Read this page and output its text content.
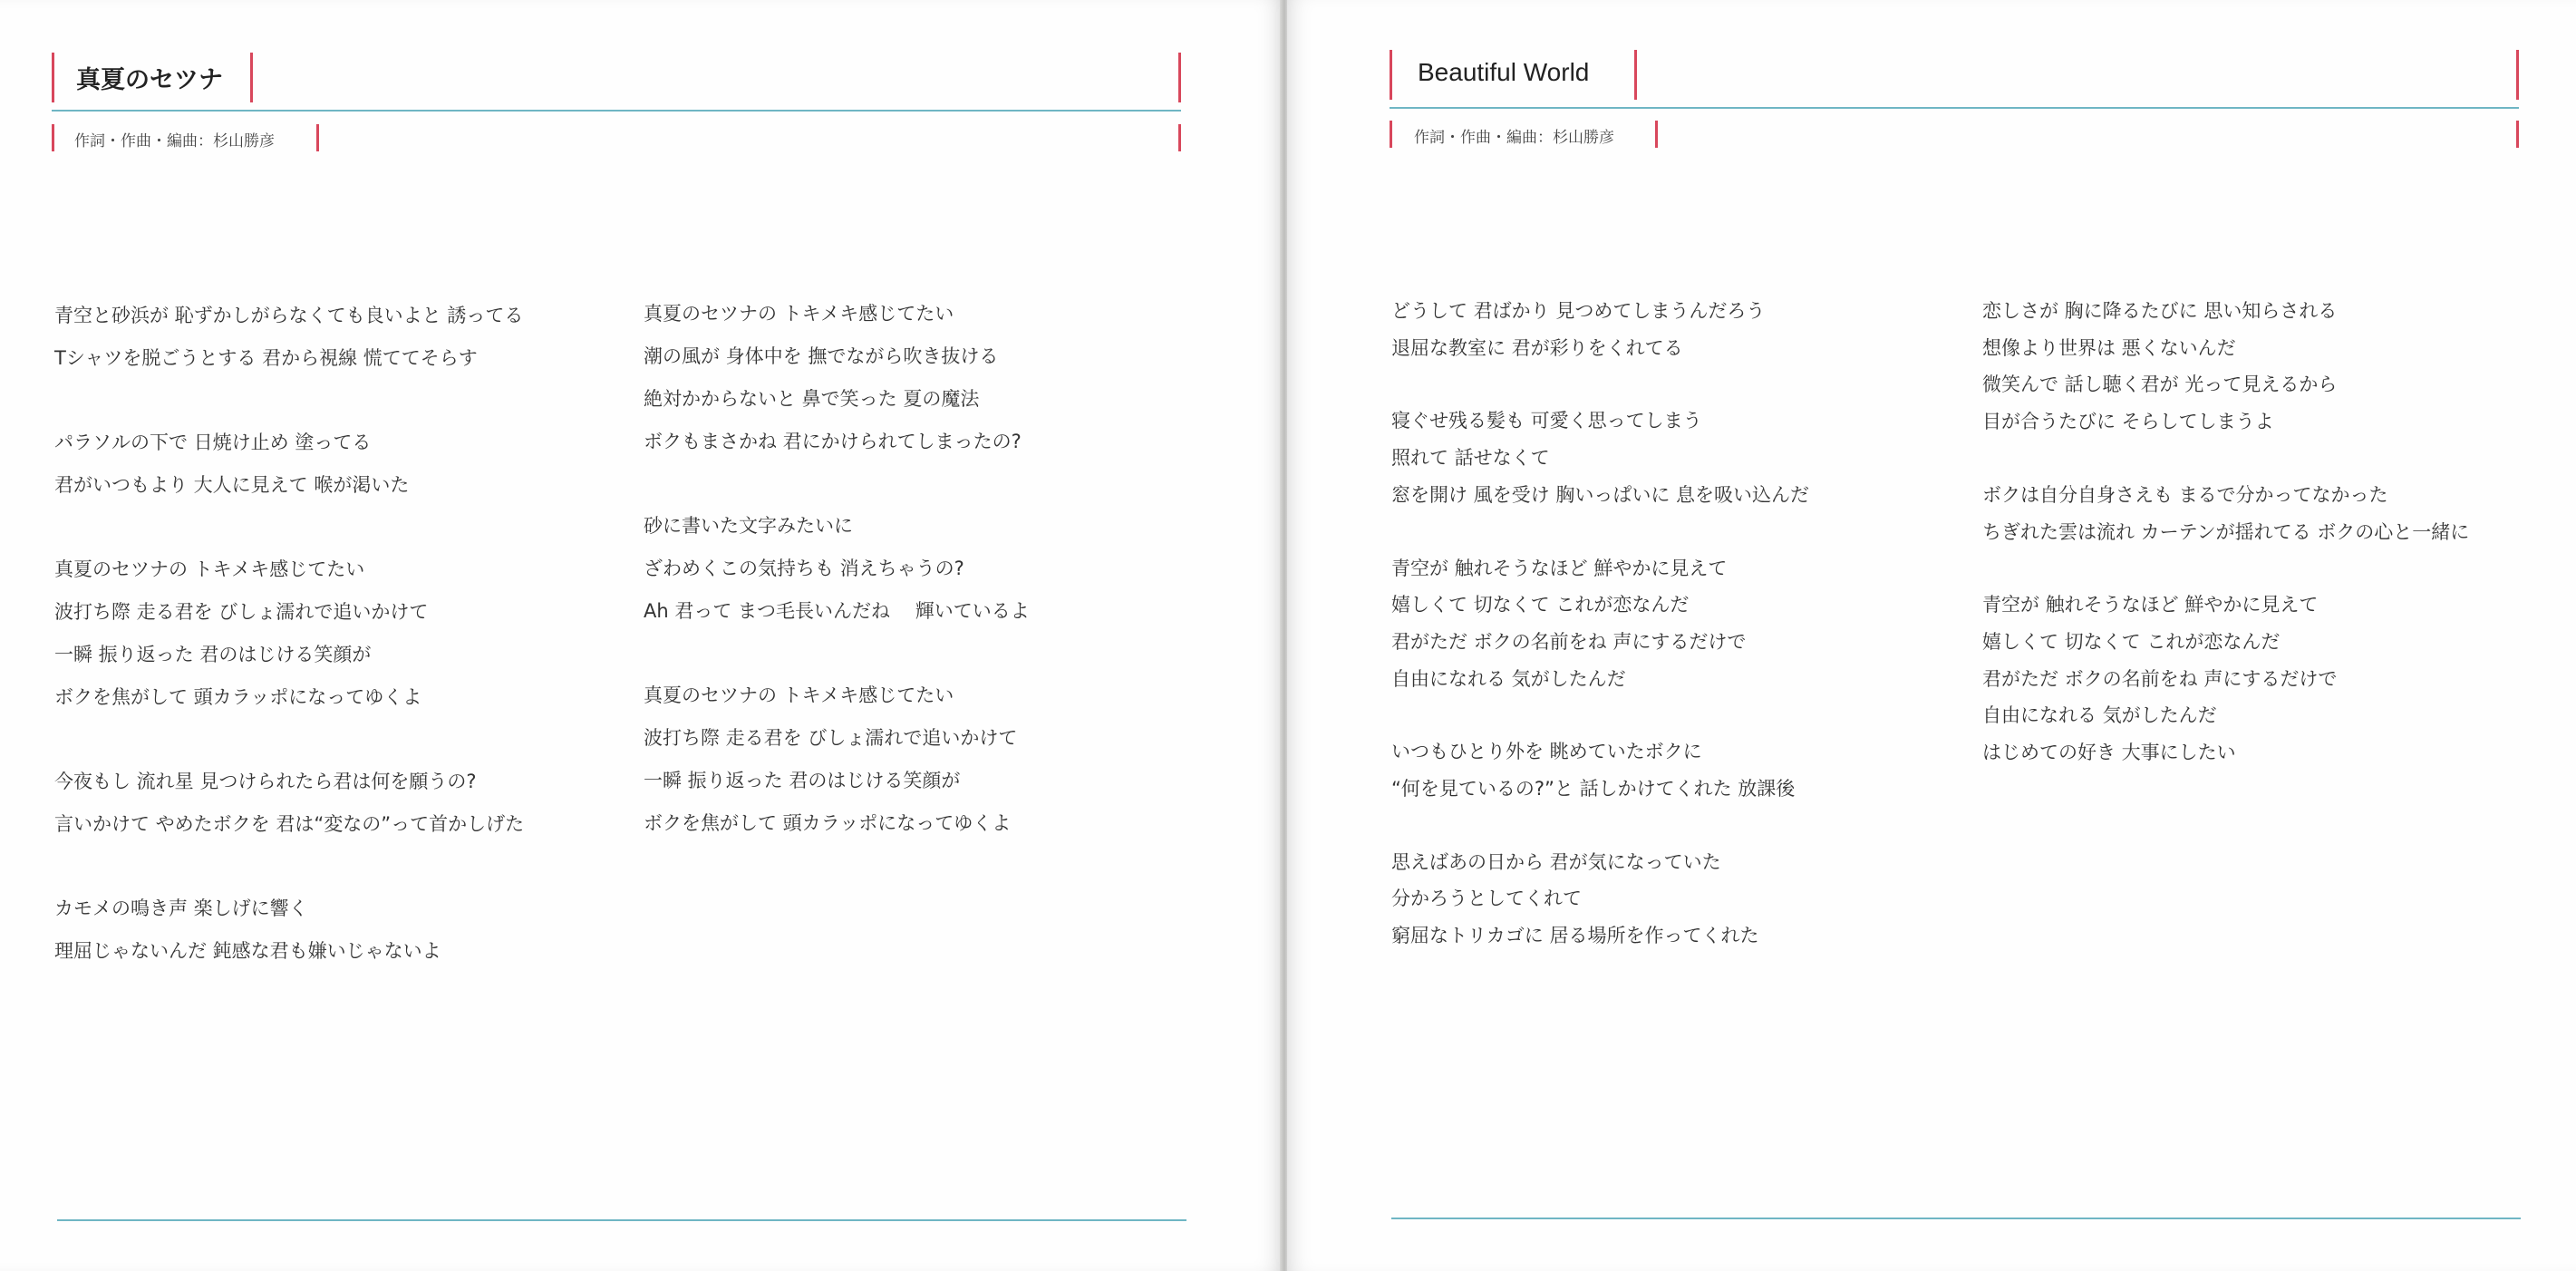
真夏のセツナ
作詞・作曲・編曲：杉山勝彦
青空と砂浜が 恥ずかしがらなくても良いよと 誘ってる
Tシャツを脱ごうとする 君から視線 慌ててそらす
パラソルの下で 日焼け止め 塗ってる
君がいつもより 大人に見えて 喉が渇いた
真夏のセツナの トキメキ感じてたい
波打ち際 走る君を びしょ濡れで追いかけて
一瞬 振り返った 君のはじける笑顔が
ボクを焦がして 頭カラッポになってゆくよ
今夜もし 流れ星 見つけられたら君は何を願うの?
言いかけて やめたボクを 君は“変なの”って首かしげた
カモメの鳴き声 楽しげに響く
理屈じゃないんだ 鈍感な君も嫌いじゃないよ
真夏のセツナの トキメキ感じてたい
潮の風が 身体中を 撫でながら吹き抜ける
絶対かからないと 鼻で笑った 夏の魔法
ボクもまさかね 君にかけられてしまったの?
砂に書いた文字みたいに
ざわめくこの気持ちも 消えちゃうの?
Ah 君って まつ毛長いんだね　 輝いているよ
真夏のセツナの トキメキ感じてたい
波打ち際 走る君を びしょ濡れで追いかけて
一瞬 振り返った 君のはじける笑顔が
ボクを焦がして 頭カラッポになってゆくよ
Beautiful World
作詞・作曲・編曲：杉山勝彦
どうして 君ばかり 見つめてしまうんだろう
退屈な教室に 君が彩りをくれてる
寝ぐせ残る髪も 可愛く思ってしまう
照れて 話せなくて
窓を開け 風を受け 胸いっぱいに 息を吸い込んだ
青空が 触れそうなほど 鮮やかに見えて
嬉しくて 切なくて これが恋なんだ
君がただ ボクの名前をね 声にするだけで
自由になれる 気がしたんだ
いつもひとり外を 眺めていたボクに
“何を見ているの?”と 話しかけてくれた 放課後
思えばあの日から 君が気になっていた
分かろうとしてくれて
窮屈なトリカゴに 居る場所を作ってくれた
恋しさが 胸に降るたびに 思い知らされる
想像より世界は 悪くないんだ
微笑んで 話し聴く君が 光って見えるから
目が合うたびに そらしてしまうよ
ボクは自分自身さえも まるで分かってなかった
ちぎれた雲は流れ カーテンが揺れてる ボクの心と一緒に
青空が 触れそうなほど 鮮やかに見えて
嬉しくて 切なくて これが恋なんだ
君がただ ボクの名前をね 声にするだけで
自由になれる 気がしたんだ
はじめての好き 大事にしたい
